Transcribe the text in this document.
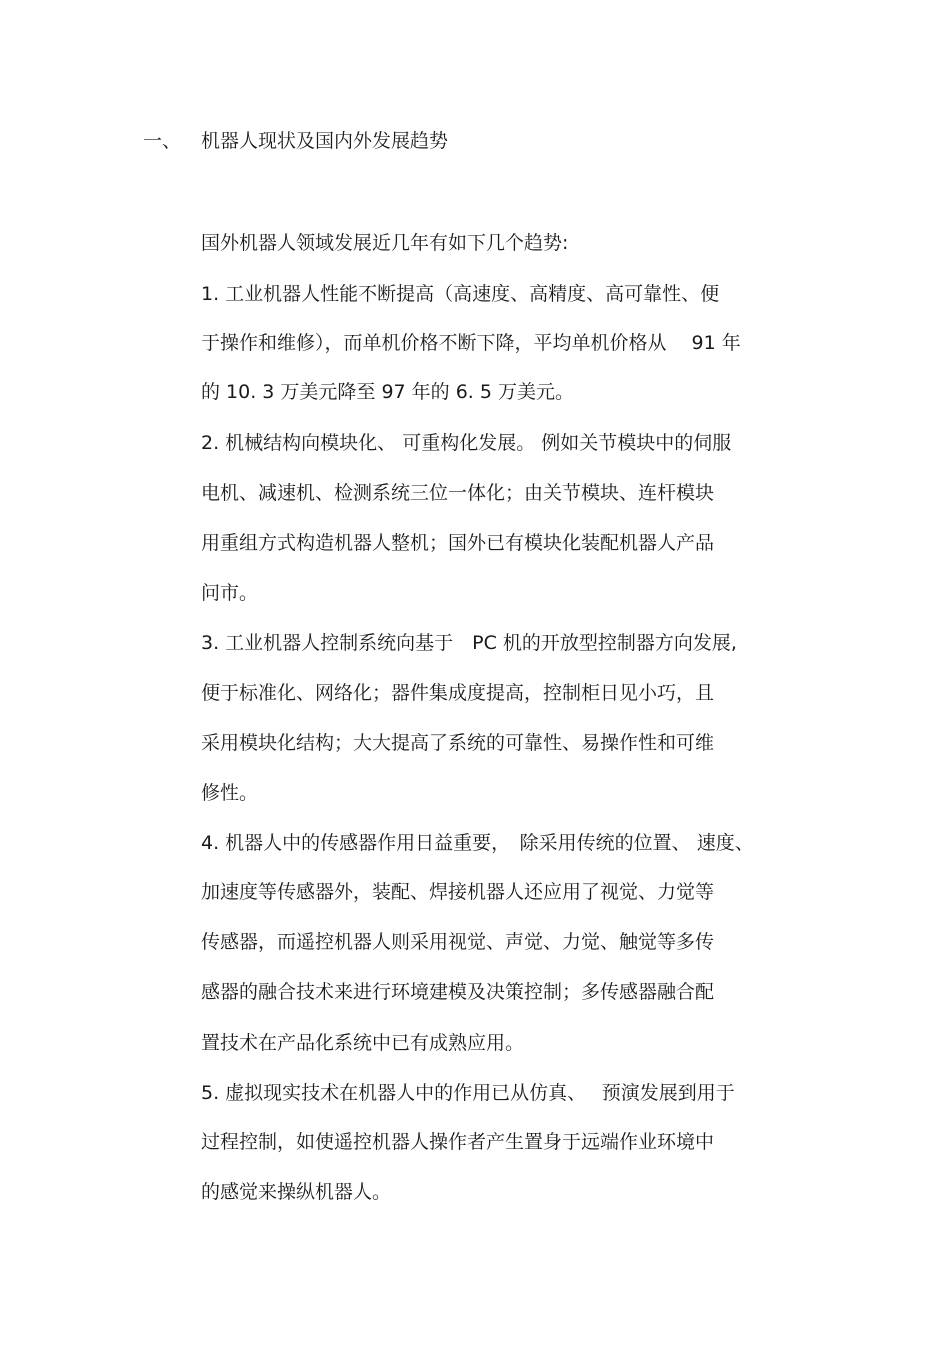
一、 机器人现状及国内外发展趋势
国外机器人领域发展近几年有如下几个趋势:
1. 工业机器人性能不断提高（高速度、高精度、高可靠性、便
于操作和维修），而单机价格不断下降，平均单机价格从　 91 年
的 10. 3 万美元降至 97 年的 6. 5 万美元。
2. 机械结构向模块化、 可重构化发展。 例如关节模块中的伺服
电机、减速机、检测系统三位一体化；由关节模块、连杆模块
用重组方式构造机器人整机；国外已有模块化装配机器人产品
问市。
3. 工业机器人控制系统向基于　PC 机的开放型控制器方向发展,
便于标准化、网络化；器件集成度提高，控制柜日见小巧，且
采用模块化结构；大大提高了系统的可靠性、易操作性和可维
修性。
4. 机器人中的传感器作用日益重要，　除采用传统的位置、 速度、
加速度等传感器外，装配、焊接机器人还应用了视觉、力觉等
传感器，而遥控机器人则采用视觉、声觉、力觉、触觉等多传
感器的融合技术来进行环境建模及决策控制；多传感器融合配
置技术在产品化系统中已有成熟应用。
5. 虚拟现实技术在机器人中的作用已从仿真、　 预演发展到用于
过程控制，如使遥控机器人操作者产生置身于远端作业环境中
的感觉来操纵机器人。
